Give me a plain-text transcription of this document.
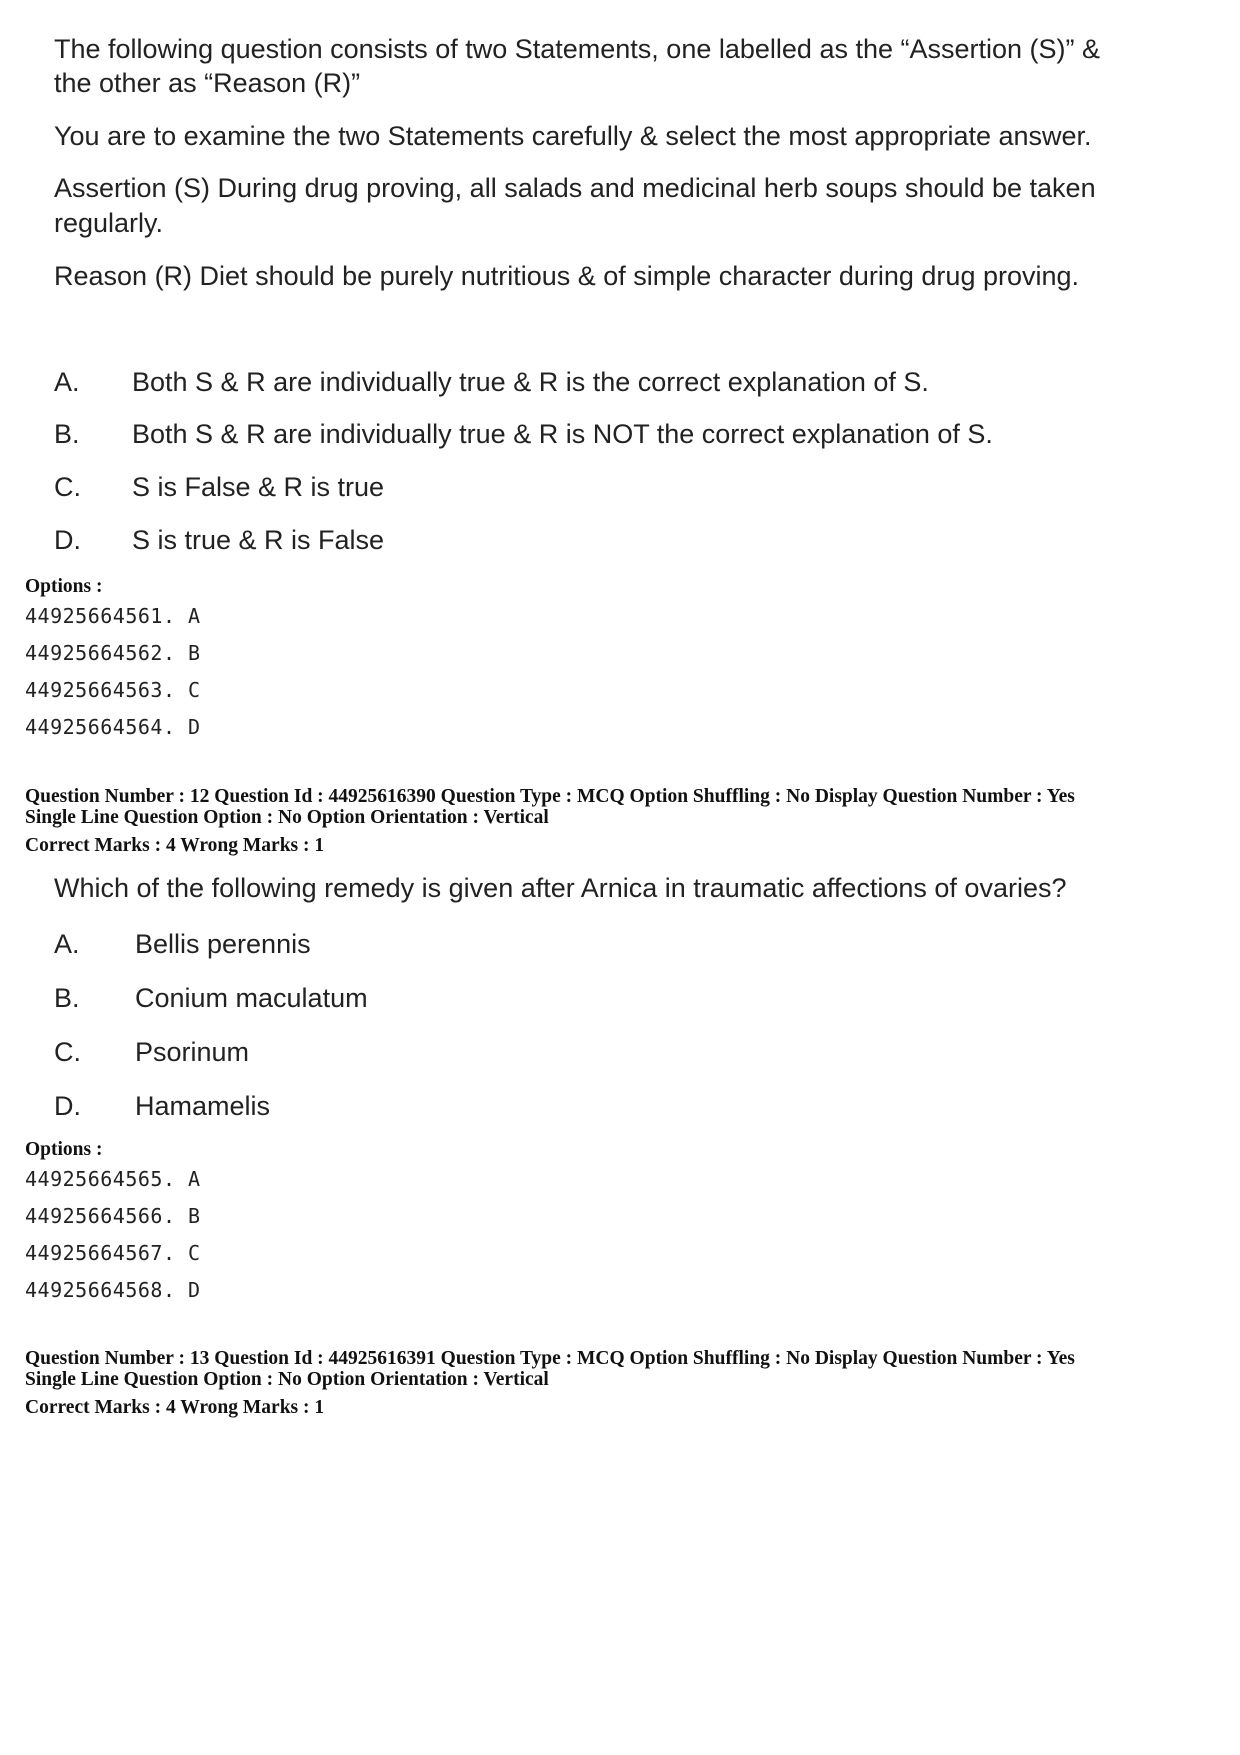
The following question consists of two Statements, one labelled as the “Assertion (S)” &
the other as “Reason (R)”
You are to examine the two Statements carefully & select the most appropriate answer.
Assertion (S) During drug proving, all salads and medicinal herb soups should be taken
regularly.
Reason (R) Diet should be purely nutritious & of simple character during drug proving.
A. Both S & R are individually true & R is the correct explanation of S.
B. Both S & R are individually true & R is NOT the correct explanation of S.
C. S is False & R is true
D. S is true & R is False
Options :
44925664561. A
44925664562. B
44925664563. C
44925664564. D
Question Number : 12 Question Id : 44925616390 Question Type : MCQ Option Shuffling : No Display Question Number : Yes
Single Line Question Option : No Option Orientation : Vertical
Correct Marks : 4 Wrong Marks : 1
Which of the following remedy is given after Arnica in traumatic affections of ovaries?
A. Bellis perennis
B. Conium maculatum
C. Psorinum
D. Hamamelis
Options :
44925664565. A
44925664566. B
44925664567. C
44925664568. D
Question Number : 13 Question Id : 44925616391 Question Type : MCQ Option Shuffling : No Display Question Number : Yes
Single Line Question Option : No Option Orientation : Vertical
Correct Marks : 4 Wrong Marks : 1
